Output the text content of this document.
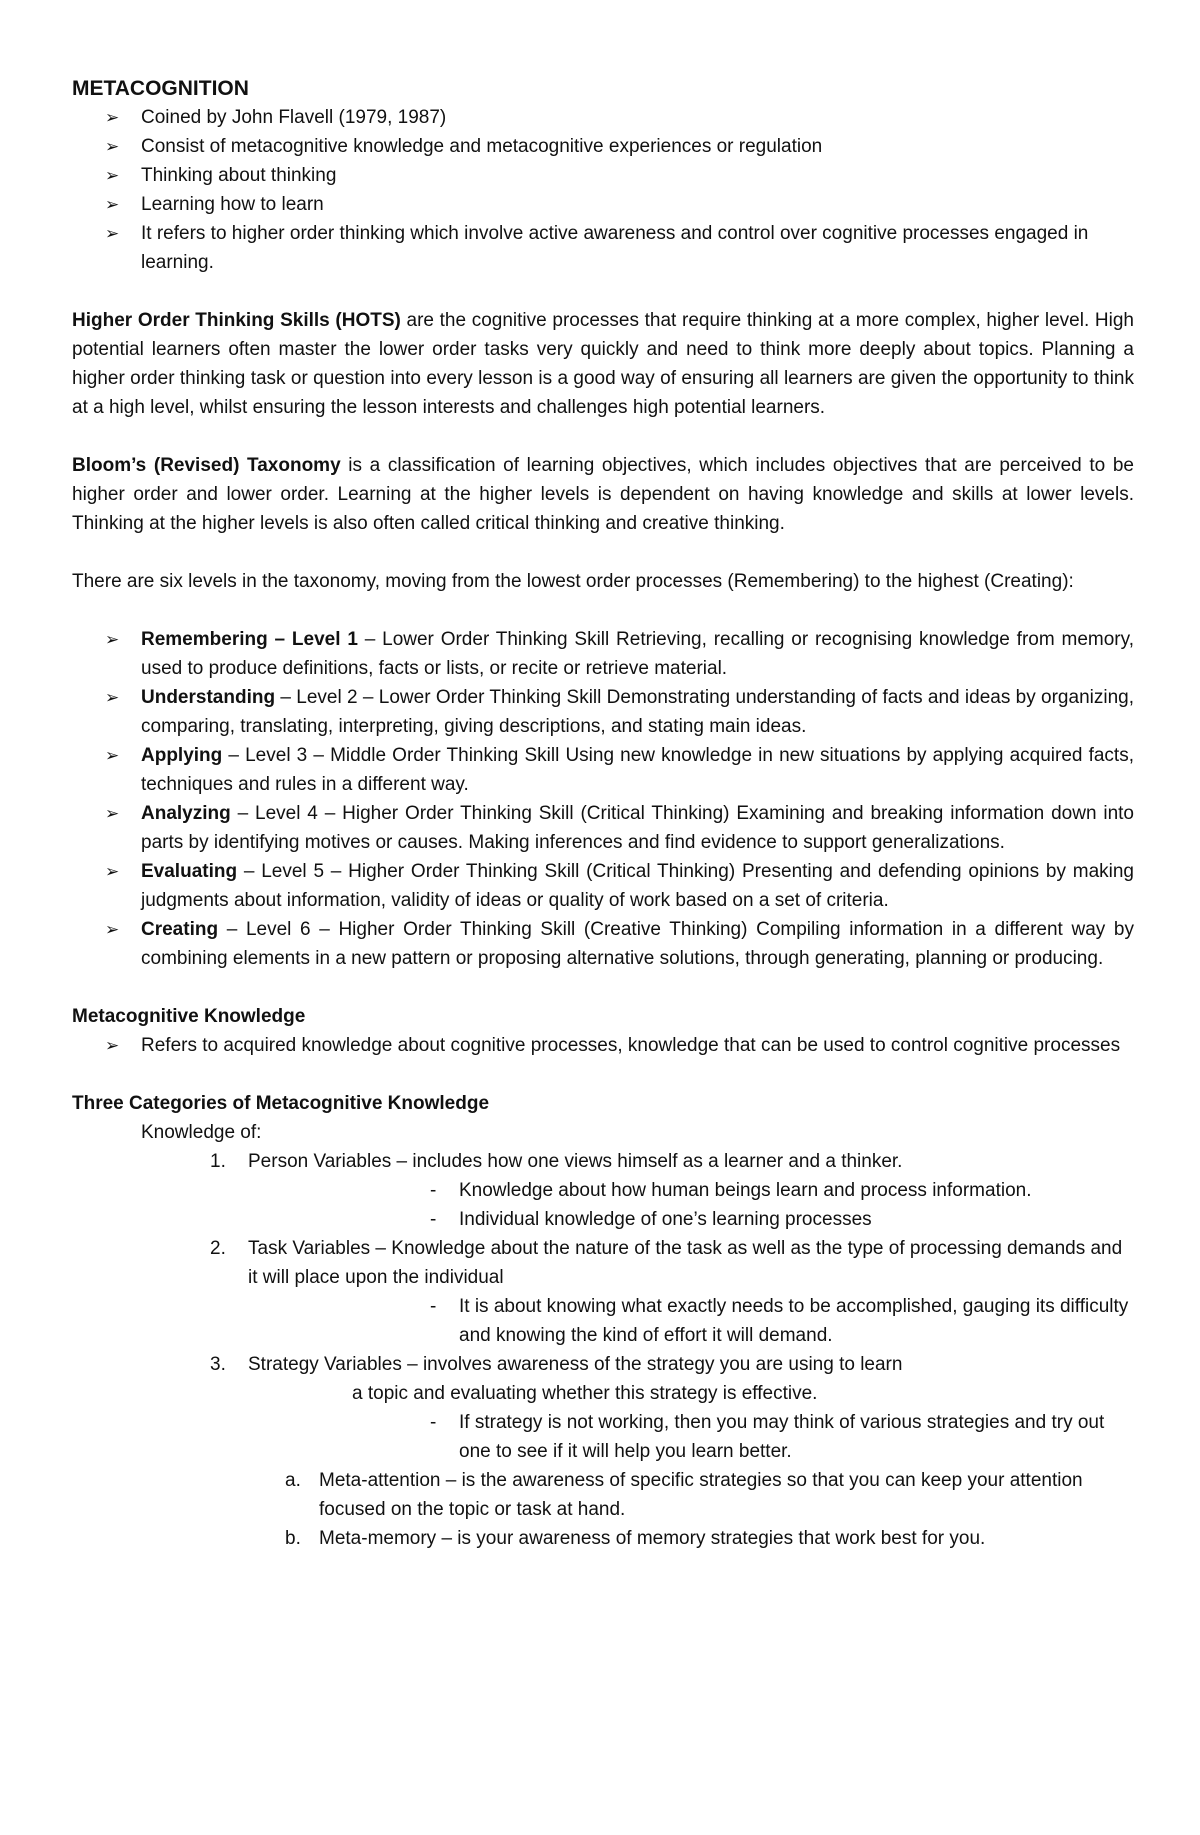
METACOGNITION
➢ Coined by John Flavell (1979, 1987)
➢ Consist of metacognitive knowledge and metacognitive experiences or regulation
➢ Thinking about thinking
➢ Learning how to learn
➢ It refers to higher order thinking which involve active awareness and control over cognitive processes engaged in learning.
Higher Order Thinking Skills (HOTS) are the cognitive processes that require thinking at a more complex, higher level. High potential learners often master the lower order tasks very quickly and need to think more deeply about topics. Planning a higher order thinking task or question into every lesson is a good way of ensuring all learners are given the opportunity to think at a high level, whilst ensuring the lesson interests and challenges high potential learners.
Bloom’s (Revised) Taxonomy is a classification of learning objectives, which includes objectives that are perceived to be higher order and lower order. Learning at the higher levels is dependent on having knowledge and skills at lower levels. Thinking at the higher levels is also often called critical thinking and creative thinking.
There are six levels in the taxonomy, moving from the lowest order processes (Remembering) to the highest (Creating):
➢ Remembering – Level 1 – Lower Order Thinking Skill Retrieving, recalling or recognising knowledge from memory, used to produce definitions, facts or lists, or recite or retrieve material.
➢ Understanding – Level 2 – Lower Order Thinking Skill Demonstrating understanding of facts and ideas by organizing, comparing, translating, interpreting, giving descriptions, and stating main ideas.
➢ Applying – Level 3 – Middle Order Thinking Skill Using new knowledge in new situations by applying acquired facts, techniques and rules in a different way.
➢ Analyzing – Level 4 – Higher Order Thinking Skill (Critical Thinking) Examining and breaking information down into parts by identifying motives or causes. Making inferences and find evidence to support generalizations.
➢ Evaluating – Level 5 – Higher Order Thinking Skill (Critical Thinking) Presenting and defending opinions by making judgments about information, validity of ideas or quality of work based on a set of criteria.
➢ Creating – Level 6 – Higher Order Thinking Skill (Creative Thinking) Compiling information in a different way by combining elements in a new pattern or proposing alternative solutions, through generating, planning or producing.
Metacognitive Knowledge
➢ Refers to acquired knowledge about cognitive processes, knowledge that can be used to control cognitive processes
Three Categories of Metacognitive Knowledge
Knowledge of:
1. Person Variables – includes how one views himself as a learner and a thinker.
- Knowledge about how human beings learn and process information.
- Individual knowledge of one’s learning processes
2. Task Variables – Knowledge about the nature of the task as well as the type of processing demands and it will place upon the individual
- It is about knowing what exactly needs to be accomplished, gauging its difficulty and knowing the kind of effort it will demand.
3. Strategy Variables – involves awareness of the strategy you are using to learn
a topic and evaluating whether this strategy is effective.
- If strategy is not working, then you may think of various strategies and try out one to see if it will help you learn better.
a. Meta-attention – is the awareness of specific strategies so that you can keep your attention focused on the topic or task at hand.
b. Meta-memory – is your awareness of memory strategies that work best for you.
